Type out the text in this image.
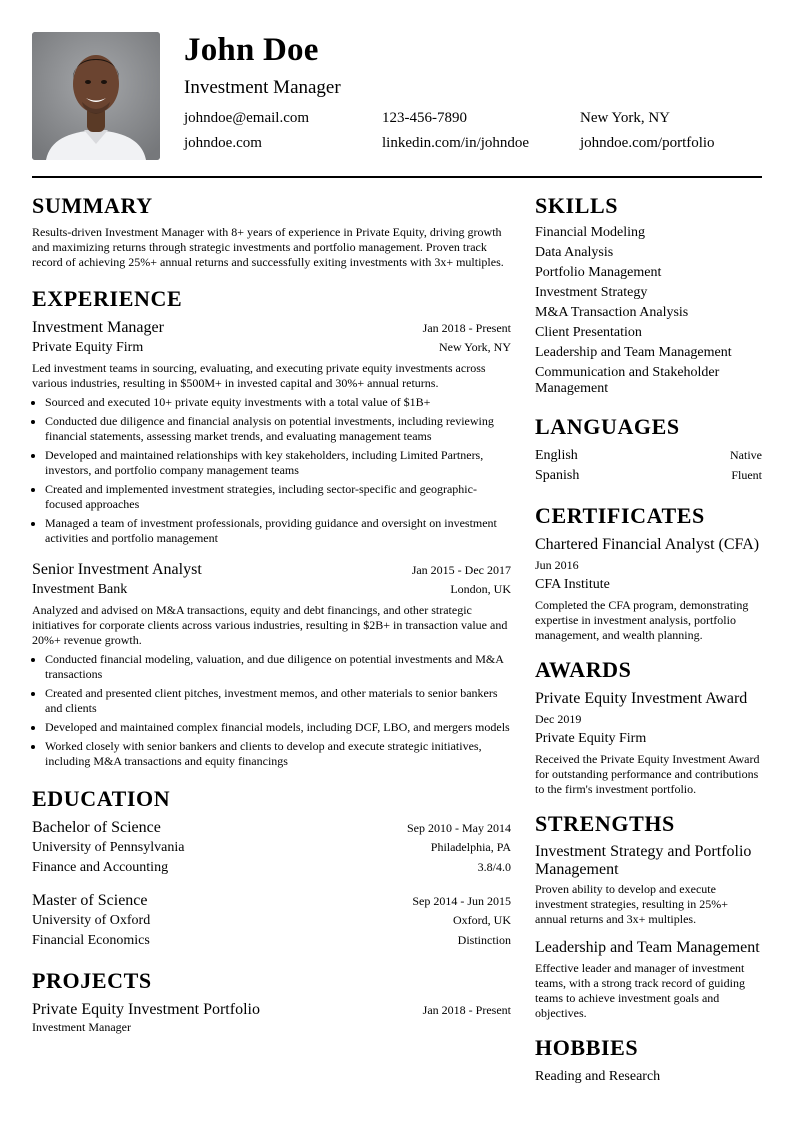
John Doe
Investment Manager
johndoe@email.com	123-456-7890	New York, NY
johndoe.com	linkedin.com/in/johndoe	johndoe.com/portfolio
SUMMARY
Results-driven Investment Manager with 8+ years of experience in Private Equity, driving growth and maximizing returns through strategic investments and portfolio management. Proven track record of achieving 25%+ annual returns and successfully exiting investments with 3x+ multiples.
EXPERIENCE
Investment Manager	Jan 2018 - Present
Private Equity Firm	New York, NY
Led investment teams in sourcing, evaluating, and executing private equity investments across various industries, resulting in $500M+ in invested capital and 30%+ annual returns.
• Sourced and executed 10+ private equity investments with a total value of $1B+
• Conducted due diligence and financial analysis on potential investments, including reviewing financial statements, assessing market trends, and evaluating management teams
• Developed and maintained relationships with key stakeholders, including Limited Partners, investors, and portfolio company management teams
• Created and implemented investment strategies, including sector-specific and geographic-focused approaches
• Managed a team of investment professionals, providing guidance and oversight on investment activities and portfolio management
Senior Investment Analyst	Jan 2015 - Dec 2017
Investment Bank	London, UK
Analyzed and advised on M&A transactions, equity and debt financings, and other strategic initiatives for corporate clients across various industries, resulting in $2B+ in transaction value and 20%+ revenue growth.
• Conducted financial modeling, valuation, and due diligence on potential investments and M&A transactions
• Created and presented client pitches, investment memos, and other materials to senior bankers and clients
• Developed and maintained complex financial models, including DCF, LBO, and mergers models
• Worked closely with senior bankers and clients to develop and execute strategic initiatives, including M&A transactions and equity financings
EDUCATION
Bachelor of Science	Sep 2010 - May 2014
University of Pennsylvania	Philadelphia, PA
Finance and Accounting	3.8/4.0
Master of Science	Sep 2014 - Jun 2015
University of Oxford	Oxford, UK
Financial Economics	Distinction
PROJECTS
Private Equity Investment Portfolio	Jan 2018 - Present
Investment Manager
SKILLS
Financial Modeling
Data Analysis
Portfolio Management
Investment Strategy
M&A Transaction Analysis
Client Presentation
Leadership and Team Management
Communication and Stakeholder Management
LANGUAGES
English	Native
Spanish	Fluent
CERTIFICATES
Chartered Financial Analyst (CFA)
Jun 2016
CFA Institute
Completed the CFA program, demonstrating expertise in investment analysis, portfolio management, and wealth planning.
AWARDS
Private Equity Investment Award
Dec 2019
Private Equity Firm
Received the Private Equity Investment Award for outstanding performance and contributions to the firm's investment portfolio.
STRENGTHS
Investment Strategy and Portfolio Management
Proven ability to develop and execute investment strategies, resulting in 25%+ annual returns and 3x+ multiples.
Leadership and Team Management
Effective leader and manager of investment teams, with a strong track record of guiding teams to achieve investment goals and objectives.
HOBBIES
Reading and Research
